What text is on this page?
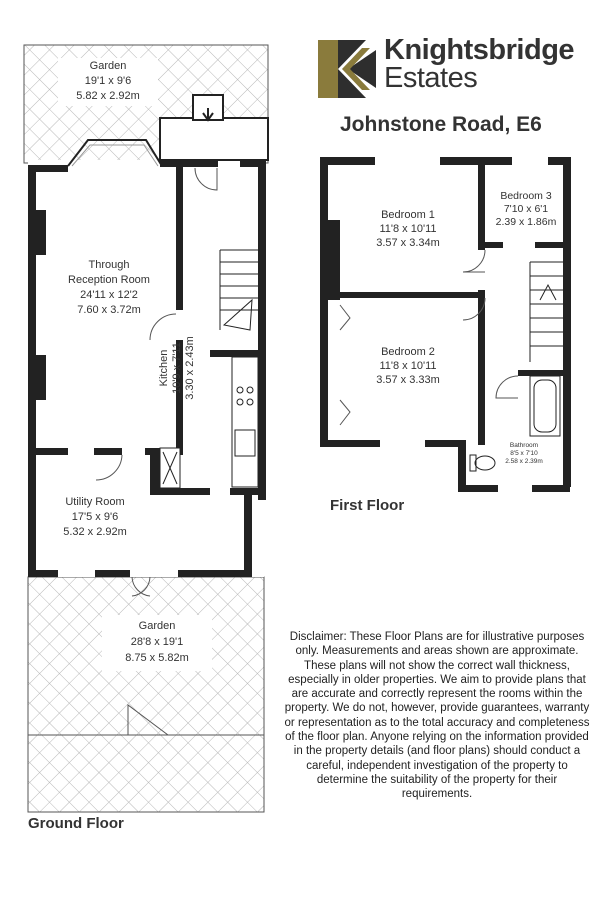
Knightsbridge
Estates
Johnstone Road, E6
Garden
19'1 x 9'6
5.82 x 2.92m
Through
Reception Room
24'11 x 12'2
7.60 x 3.72m
Kitchen 10'9 x 7'11 3.30 x 2.43m
Utility Room
17'5 x 9'6
5.32 x 2.92m
Garden
28'8 x 19'1
8.75 x 5.82m
Bedroom 1
11'8 x 10'11
3.57 x 3.34m
Bedroom 2
11'8 x 10'11
3.57 x 3.33m
Bedroom 3
7'10 x 6'1
2.39 x 1.86m
Bathroom
8'5 x 7'10
2.58 x 2.39m
Ground Floor
First Floor
Disclaimer: These Floor Plans are for illustrative purposes only. Measurements and areas shown are approximate. These plans will not show the correct wall thickness, especially in older properties. We aim to provide plans that are accurate and correctly represent the rooms within the property. We do not, however, provide guarantees, warranty or representation as to the total accuracy and completeness of the floor plan. Anyone relying on the information provided in the property details (and floor plans) should conduct a careful, independent investigation of the property to determine the suitability of the property for their requirements.
